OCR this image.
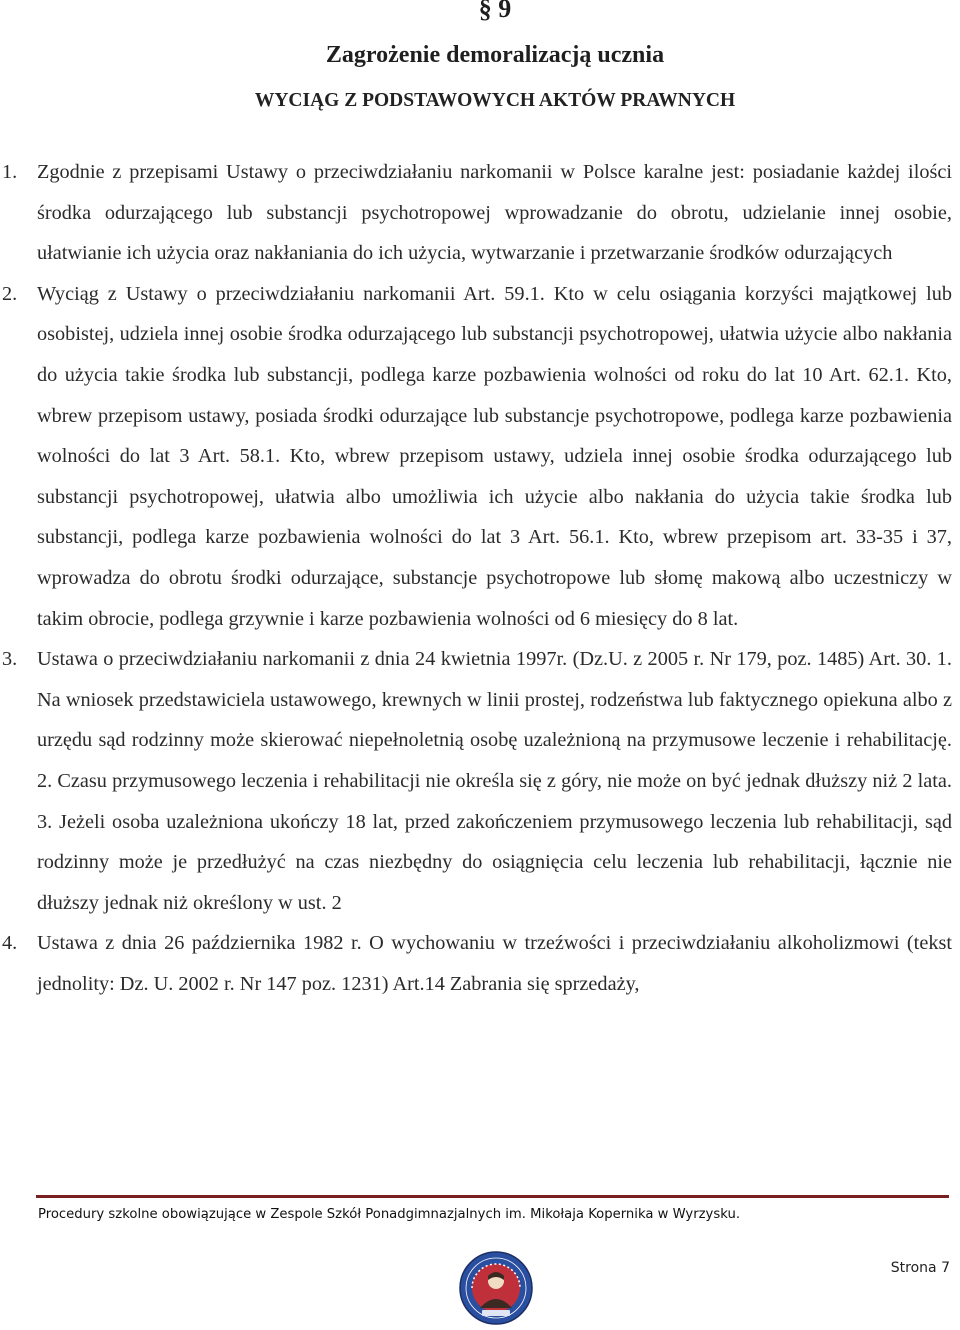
§ 9
Zagrożenie demoralizacją ucznia
WYCIĄG Z PODSTAWOWYCH AKTÓW PRAWNYCH
1. Zgodnie z przepisami Ustawy o przeciwdziałaniu narkomanii w Polsce karalne jest: posiadanie każdej ilości środka odurzającego lub substancji psychotropowej wprowadzanie do obrotu, udzielanie innej osobie, ułatwianie ich użycia oraz nakłaniania do ich użycia, wytwarzanie i przetwarzanie środków odurzających
2. Wyciąg z Ustawy o przeciwdziałaniu narkomanii Art. 59.1. Kto w celu osiągania korzyści majątkowej lub osobistej, udziela innej osobie środka odurzającego lub substancji psychotropowej, ułatwia użycie albo nakłania do użycia takie środka lub substancji, podlega karze pozbawienia wolności od roku do lat 10 Art. 62.1. Kto, wbrew przepisom ustawy, posiada środki odurzające lub substancje psychotropowe, podlega karze pozbawienia wolności do lat 3 Art. 58.1. Kto, wbrew przepisom ustawy, udziela innej osobie środka odurzającego lub substancji psychotropowej, ułatwia albo umożliwia ich użycie albo nakłania do użycia takie środka lub substancji, podlega karze pozbawienia wolności do lat 3 Art. 56.1. Kto, wbrew przepisom art. 33-35 i 37, wprowadza do obrotu środki odurzające, substancje psychotropowe lub słomę makową albo uczestniczy w takim obrocie, podlega grzywnie i karze pozbawienia wolności od 6 miesięcy do 8 lat.
3. Ustawa o przeciwdziałaniu narkomanii z dnia 24 kwietnia 1997r. (Dz.U. z 2005 r. Nr 179, poz. 1485) Art. 30. 1. Na wniosek przedstawiciela ustawowego, krewnych w linii prostej, rodzeństwa lub faktycznego opiekuna albo z urzędu sąd rodzinny może skierować niepełnoletnią osobę uzależnioną na przymusowe leczenie i rehabilitację. 2. Czasu przymusowego leczenia i rehabilitacji nie określa się z góry, nie może on być jednak dłuższy niż 2 lata. 3. Jeżeli osoba uzależniona ukończy 18 lat, przed zakończeniem przymusowego leczenia lub rehabilitacji, sąd rodzinny może je przedłużyć na czas niezbędny do osiągnięcia celu leczenia lub rehabilitacji, łącznie nie dłuższy jednak niż określony w ust. 2
4. Ustawa z dnia 26 października 1982 r. O wychowaniu w trzeźwości i przeciwdziałaniu alkoholizmowi (tekst jednolity: Dz. U. 2002 r. Nr 147 poz. 1231) Art.14 Zabrania się sprzedaży,
Procedury szkolne obowiązujące w Zespole Szkół Ponadgimnazjalnych im. Mikołaja Kopernika w Wyrzysku.
Strona 7
